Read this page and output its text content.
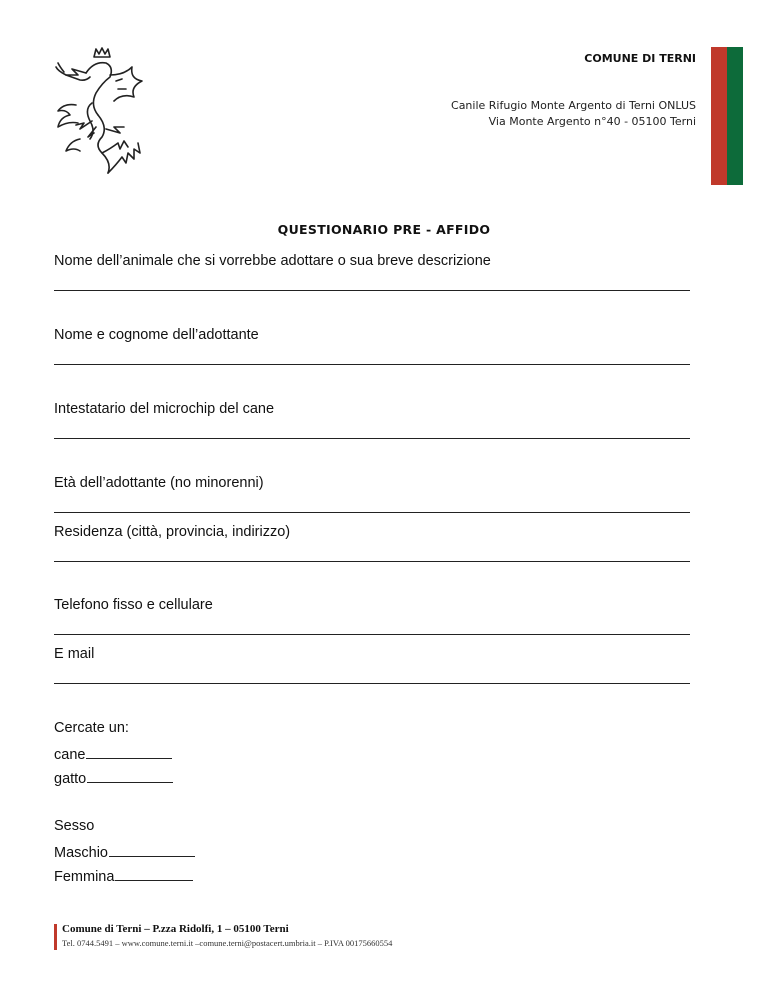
COMUNE DI TERNI
Canile Rifugio Monte Argento di Terni ONLUS
Via Monte Argento n°40 - 05100 Terni
QUESTIONARIO PRE - AFFIDO
Nome dell’animale che si vorrebbe adottare o sua breve descrizione
Nome e cognome dell’adottante
Intestatario del microchip del cane
Età dell’adottante (no minorenni)
Residenza (città, provincia, indirizzo)
Telefono fisso e cellulare
E mail
Cercate un:
cane
gatto
Sesso
Maschio
Femmina
Comune di Terni – P.zza Ridolfi, 1 – 05100 Terni
Tel. 0744.5491 – www.comune.terni.it –comune.terni@postacert.umbria.it – P.IVA 00175660554
